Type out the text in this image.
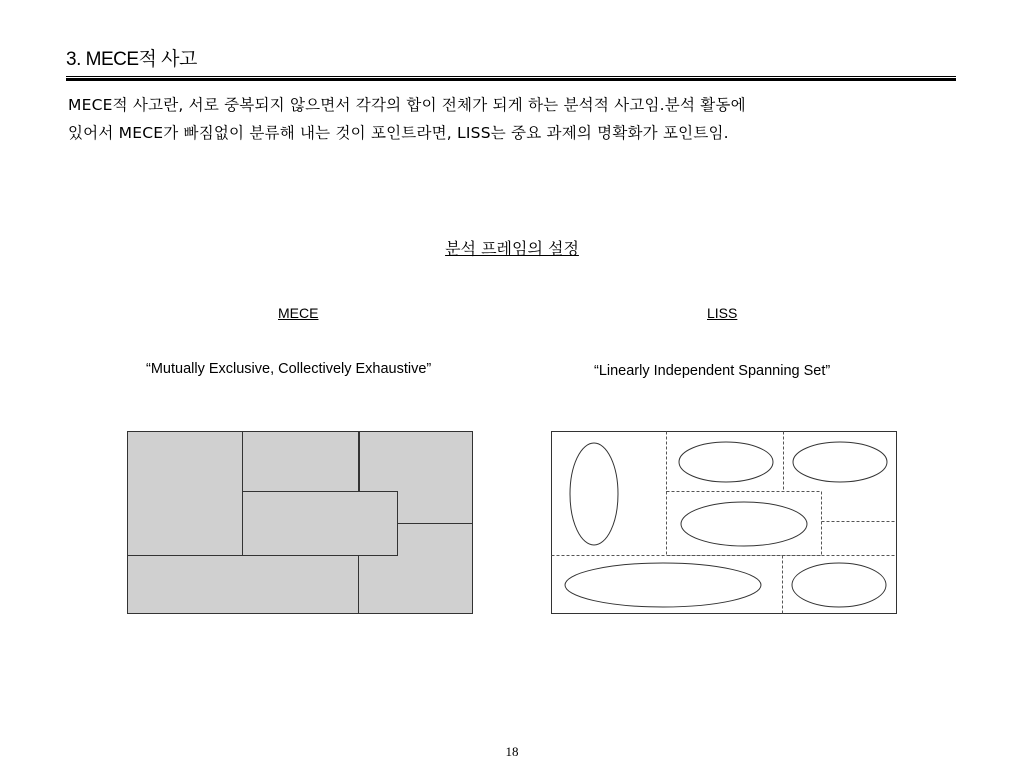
3. MECE적 사고
MECE적 사고란, 서로 중복되지 않으면서 각각의 합이 전체가 되게 하는 분석적 사고임.분석 활동에
있어서 MECE가 빠짐없이 분류해 내는 것이 포인트라면, LISS는 중요 과제의 명확화가 포인트임.
분석 프레임의 설정
MECE	LISS
“Mutually Exclusive, Collectively Exhaustive”	“Linearly Independent Spanning Set”
18
